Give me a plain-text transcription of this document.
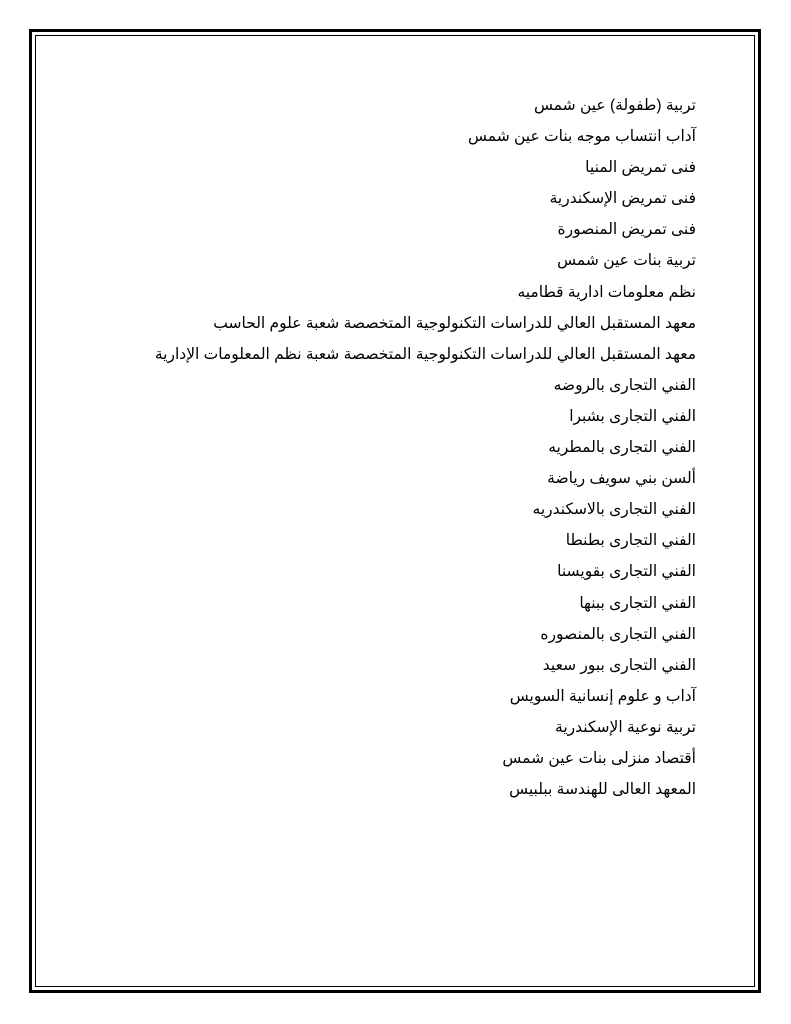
تربية (طفولة) عين شمس
آداب انتساب موجه بنات عين شمس
فنى تمريض المنيا
فنى تمريض الإسكندرية
فنى تمريض المنصورة
تربية بنات عين شمس
نظم معلومات ادارية قطاميه
معهد المستقبل العالي للدراسات التكنولوجية المتخصصة شعبة علوم الحاسب
معهد المستقبل العالي للدراسات التكنولوجية المتخصصة شعبة نظم المعلومات الإدارية
الفني التجارى بالروضه
الفني التجارى بشبرا
الفني التجارى بالمطريه
ألسن بني سويف رياضة
الفني التجارى بالاسكندريه
الفني التجارى بطنطا
الفني التجارى بقويسنا
الفني التجارى ببنها
الفني التجارى بالمنصوره
الفني التجارى ببور سعيد
آداب و علوم إنسانية السويس
تربية نوعية الإسكندرية
أقتصاد منزلى بنات عين شمس
المعهد العالى للهندسة ببلبيس
